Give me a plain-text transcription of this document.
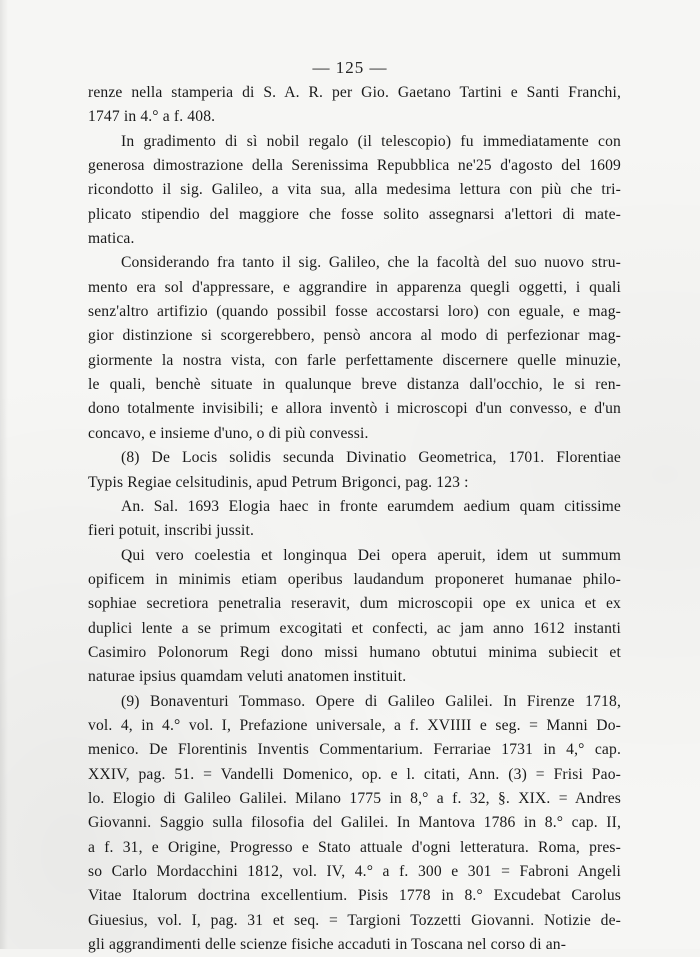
— 125 —
renze nella stamperia di S. A. R. per Gio. Gaetano Tartini e Santi Franchi,
1747 in 4.° a f. 408.
In gradimento di sì nobil regalo (il telescopio) fu immediatamente con
generosa dimostrazione della Serenissima Repubblica ne'25 d'agosto del 1609
ricondotto il sig. Galileo, a vita sua, alla medesima lettura con più che tri-
plicato stipendio del maggiore che fosse solito assegnarsi a'lettori di mate-
matica.
Considerando fra tanto il sig. Galileo, che la facoltà del suo nuovo stru-
mento era sol d'appressare, e aggrandire in apparenza quegli oggetti, i quali
senz'altro artifizio (quando possibil fosse accostarsi loro) con eguale, e mag-
gior distinzione si scorgerebbero, pensò ancora al modo di perfezionar mag-
giormente la nostra vista, con farle perfettamente discernere quelle minuzie,
le quali, benchè situate in qualunque breve distanza dall'occhio, le si ren-
dono totalmente invisibili; e allora inventò i microscopi d'un convesso, e d'un
concavo, e insieme d'uno, o di più convessi.
(8) De Locis solidis secunda Divinatio Geometrica, 1701. Florentiae
Typis Regiae celsitudinis, apud Petrum Brigonci, pag. 123 :
An. Sal. 1693 Elogia haec in fronte earumdem aedium quam citissime
fieri potuit, inscribi jussit.
Qui vero coelestia et longinqua Dei opera aperuit, idem ut summum
opificem in minimis etiam operibus laudandum proponeret humanae philo-
sophiae secretiora penetralia reseravit, dum microscopii ope ex unica et ex
duplici lente a se primum excogitati et confecti, ac jam anno 1612 instanti
Casimiro Polonorum Regi dono missi humano obtutui minima subiecit et
naturae ipsius quamdam veluti anatomen instituit.
(9) Bonaventuri Tommaso. Opere di Galileo Galilei. In Firenze 1718,
vol. 4, in 4.° vol. I, Prefazione universale, a f. XVIIII e seg. = Manni Do-
menico. De Florentinis Inventis Commentarium. Ferrariae 1731 in 4,° cap.
XXIV, pag. 51. = Vandelli Domenico, op. e l. citati, Ann. (3) = Frisi Pao-
lo. Elogio di Galileo Galilei. Milano 1775 in 8,° a f. 32, §. XIX. = Andres
Giovanni. Saggio sulla filosofia del Galilei. In Mantova 1786 in 8.° cap. II,
a f. 31, e Origine, Progresso e Stato attuale d'ogni letteratura. Roma, pres-
so Carlo Mordacchini 1812, vol. IV, 4.° a f. 300 e 301 = Fabroni Angeli
Vitae Italorum doctrina excellentium. Pisis 1778 in 8.° Excudebat Carolus
Giuesius, vol. I, pag. 31 et seq. = Targioni Tozzetti Giovanni. Notizie de-
gli aggrandimenti delle scienze fisiche accaduti in Toscana nel corso di an-
